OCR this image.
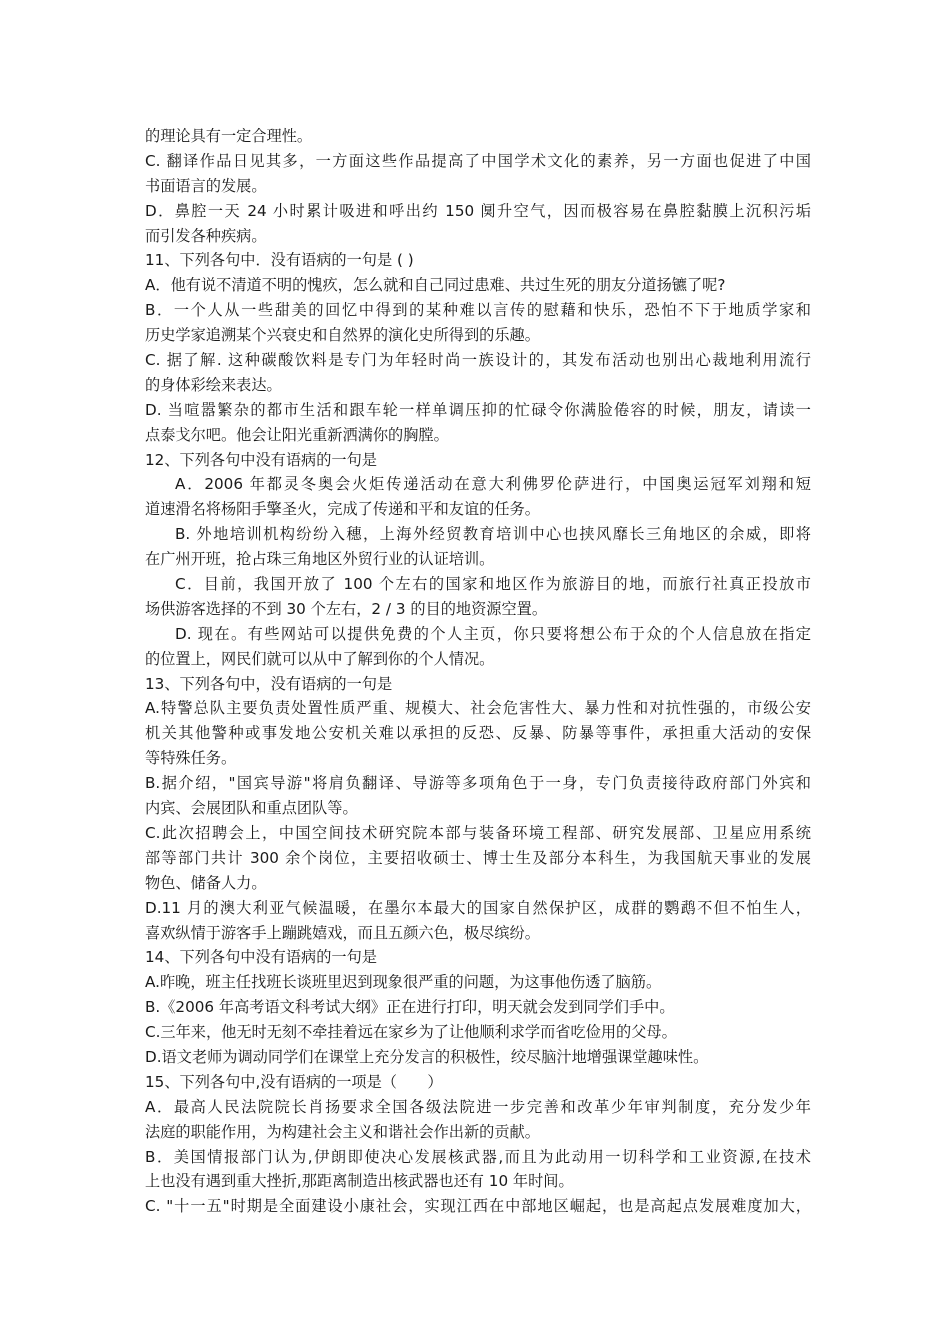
的理论具有一定合理性。
C. 翻译作品日见其多，一方面这些作品提高了中国学术文化的素养，另一方面也促进了中国
书面语言的发展。
D．鼻腔一天 24 小时累计吸进和呼出约 150 阒升空气，因而极容易在鼻腔黏膜上沉积污垢
而引发各种疾病。
11、下列各句中．没有语病的一句是 ( )
A．他有说不清道不明的愧疚，怎么就和自己同过患难、共过生死的朋友分道扬镳了呢?
B．一个人从一些甜美的回忆中得到的某种难以言传的慰藉和快乐，恐怕不下于地质学家和
历史学家追溯某个兴衰史和自然界的演化史所得到的乐趣。
C. 据了解. 这种碳酸饮料是专门为年轻时尚一族设计的，其发布活动也别出心裁地利用流行
的身体彩绘来表达。
D. 当喧嚣繁杂的都市生活和跟车轮一样单调压抑的忙碌令你满脸倦容的时候，朋友，请读一
点泰戈尔吧。他会让阳光重新洒满你的胸膛。
12、下列各句中没有语病的一句是
A．2006 年都灵冬奥会火炬传递活动在意大利佛罗伦萨进行，中国奥运冠军刘翔和短
道速滑名将杨阳手擎圣火，完成了传递和平和友谊的任务。
B. 外地培训机构纷纷入穗，上海外经贸教育培训中心也挟风靡长三角地区的余威，即将
在广州开班，抢占珠三角地区外贸行业的认证培训。
C．目前，我国开放了 100 个左右的国家和地区作为旅游目的地，而旅行社真正投放市
场供游客选择的不到 30 个左右，2 / 3 的目的地资源空置。
D. 现在。有些网站可以提供免费的个人主页，你只要将想公布于众的个人信息放在指定
的位置上，网民们就可以从中了解到你的个人情况。
13、下列各句中，没有语病的一句是
A.特警总队主要负责处置性质严重、规模大、社会危害性大、暴力性和对抗性强的，市级公安
机关其他警种或事发地公安机关难以承担的反恐、反暴、防暴等事件，承担重大活动的安保
等特殊任务。
B.据介绍，"国宾导游"将肩负翻译、导游等多项角色于一身，专门负责接待政府部门外宾和
内宾、会展团队和重点团队等。
C.此次招聘会上，中国空间技术研究院本部与装备环境工程部、研究发展部、卫星应用系统
部等部门共计 300 余个岗位，主要招收硕士、博士生及部分本科生，为我国航天事业的发展
物色、储备人力。
D.11 月的澳大利亚气候温暖，在墨尔本最大的国家自然保护区，成群的鹦鹉不但不怕生人，
喜欢纵情于游客手上蹦跳嬉戏，而且五颜六色，极尽缤纷。
14、下列各句中没有语病的一句是
A.昨晚，班主任找班长谈班里迟到现象很严重的问题，为这事他伤透了脑筋。
B.《2006 年高考语文科考试大纲》正在进行打印，明天就会发到同学们手中。
C.三年来，他无时无刻不牵挂着远在家乡为了让他顺利求学而省吃俭用的父母。
D.语文老师为调动同学们在课堂上充分发言的积极性，绞尽脑汁地增强课堂趣味性。
15、下列各句中,没有语病的一项是（　　）
A．最高人民法院院长肖扬要求全国各级法院进一步完善和改革少年审判制度，充分发少年
法庭的职能作用，为构建社会主义和谐社会作出新的贡献。
B．美国情报部门认为,伊朗即使决心发展核武器,而且为此动用一切科学和工业资源,在技术
上也没有遇到重大挫折,那距离制造出核武器也还有 10 年时间。
C. "十一五"时期是全面建设小康社会，实现江西在中部地区崛起，也是高起点发展难度加大，
